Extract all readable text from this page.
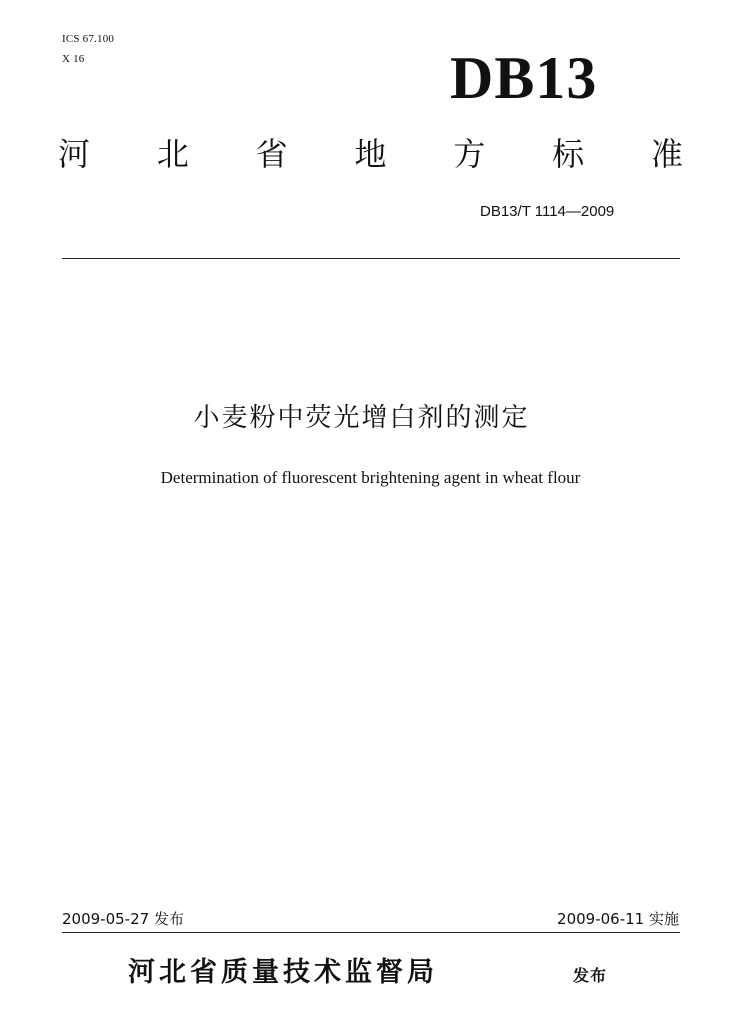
ICS 67.100
X 16	DB13
河 北 省 地 方 标 准
DB13/T 1114—2009
小麦粉中荧光增白剂的测定
Determination of fluorescent brightening agent in wheat flour
2009-05-27 发布	2009-06-11 实施
河北省质量技术监督局	发布
